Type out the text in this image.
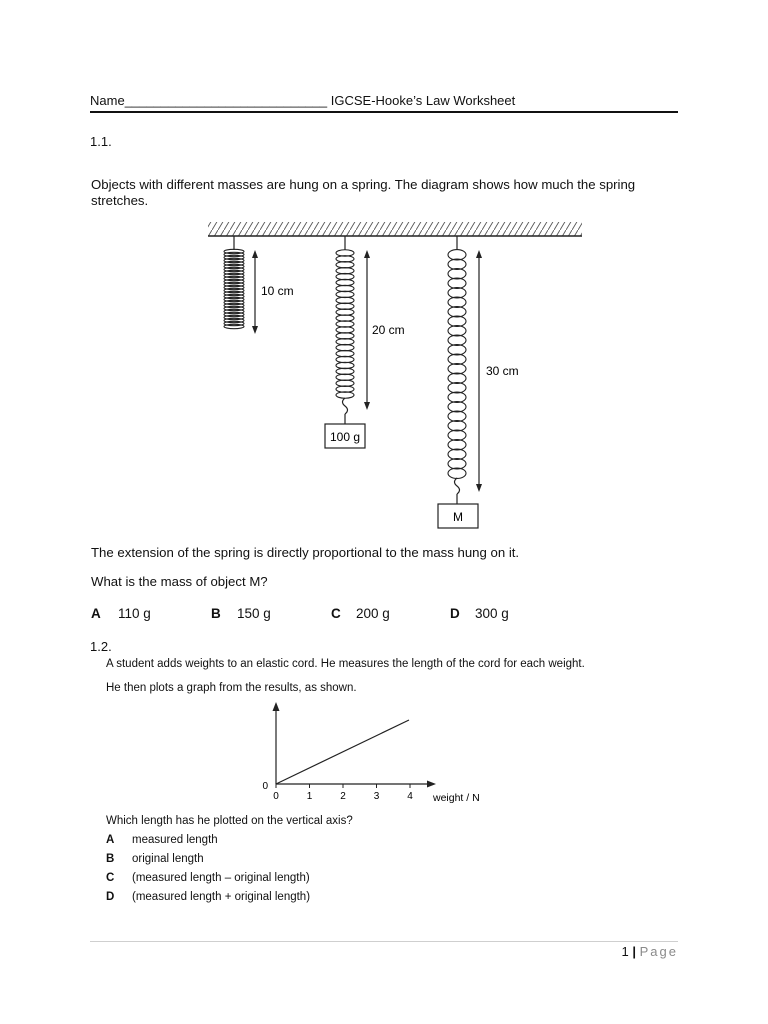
Name____________________________ IGCSE-Hooke’s Law Worksheet
1.1.
Objects with different masses are hung on a spring. The diagram shows how much the spring
stretches.
10 cm
20 cm
100 g
30 cm
M
The extension of the spring is directly proportional to the mass hung on it.
What is the mass of object M?
A 110 g	B 150 g	C 200 g	D 300 g
1.2.
A student adds weights to an elastic cord. He measures the length of the cord for each weight.
He then plots a graph from the results, as shown.
0	1	2	3	4
0
weight / N
Which length has he plotted on the vertical axis?
A measured length
B original length
C (measured length – original length)
D (measured length + original length)
1 | Page
